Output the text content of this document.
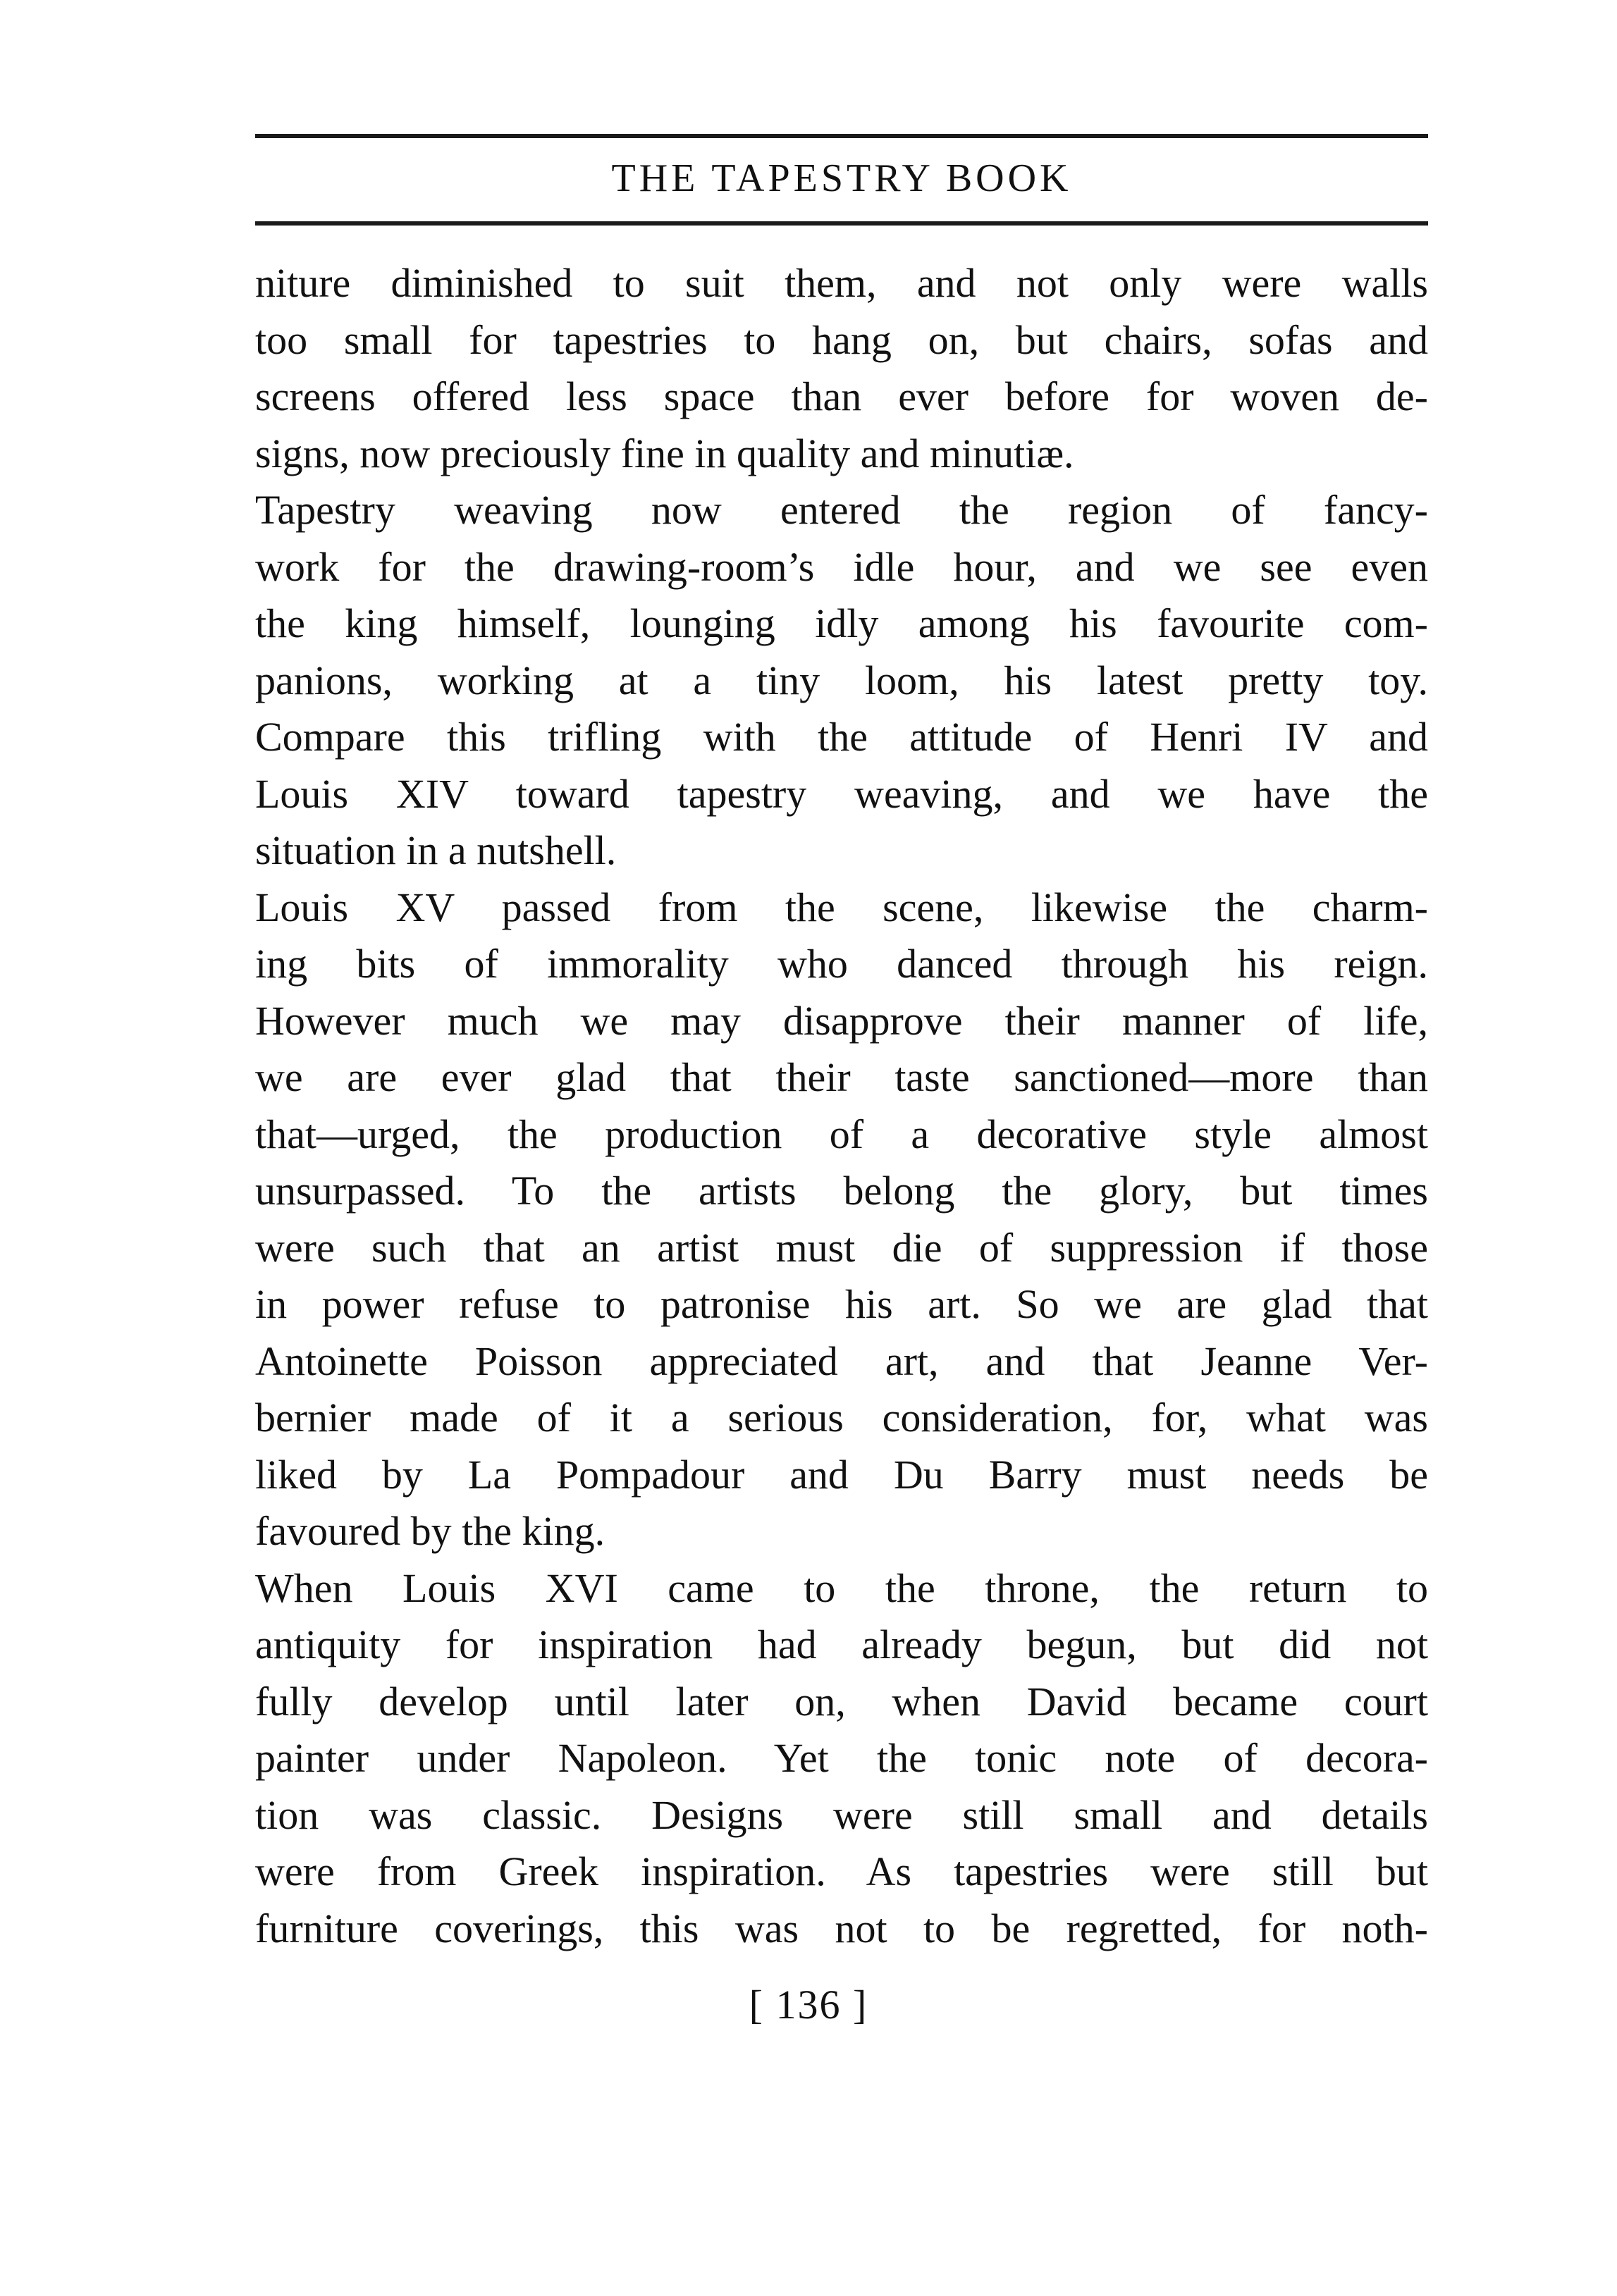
THE TAPESTRY BOOK
niture diminished to suit them, and not only were walls
too small for tapestries to hang on, but chairs, sofas and
screens offered less space than ever before for woven de-
signs, now preciously fine in quality and minutiæ.
Tapestry weaving now entered the region of fancy-
work for the drawing-room’s idle hour, and we see even
the king himself, lounging idly among his favourite com-
panions, working at a tiny loom, his latest pretty toy.
Compare this trifling with the attitude of Henri IV and
Louis XIV toward tapestry weaving, and we have the
situation in a nutshell.
Louis XV passed from the scene, likewise the charm-
ing bits of immorality who danced through his reign.
However much we may disapprove their manner of life,
we are ever glad that their taste sanctioned—more than
that—urged, the production of a decorative style almost
unsurpassed. To the artists belong the glory, but times
were such that an artist must die of suppression if those
in power refuse to patronise his art. So we are glad that
Antoinette Poisson appreciated art, and that Jeanne Ver-
bernier made of it a serious consideration, for, what was
liked by La Pompadour and Du Barry must needs be
favoured by the king.
When Louis XVI came to the throne, the return to
antiquity for inspiration had already begun, but did not
fully develop until later on, when David became court
painter under Napoleon. Yet the tonic note of decora-
tion was classic. Designs were still small and details
were from Greek inspiration. As tapestries were still but
furniture coverings, this was not to be regretted, for noth-
[ 136 ]
